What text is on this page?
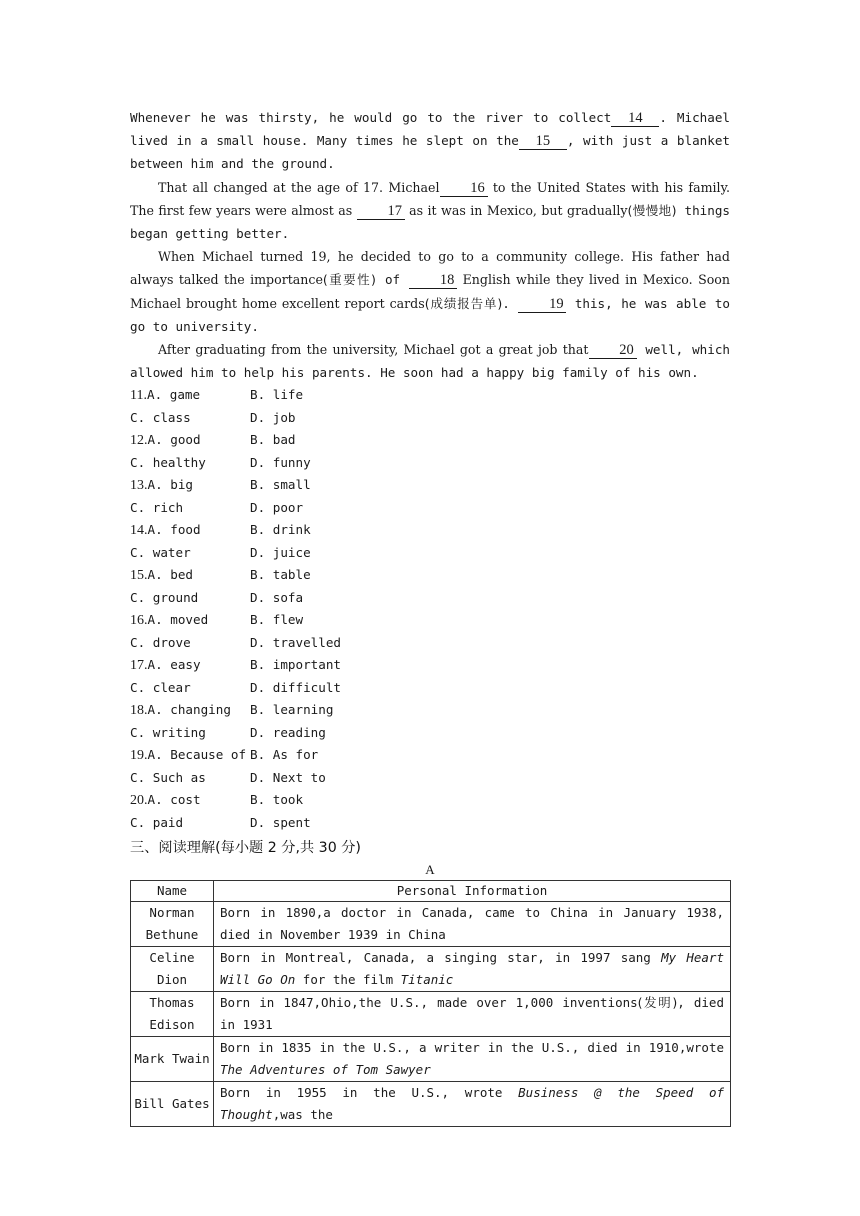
Whenever he was thirsty, he would go to the river to collect 14 . Michael lived in a small house. Many times he slept on the 15 , with just a blanket between him and the ground.

That all changed at the age of 17. Michael 16 to the United States with his family. The first few years were almost as 17 as it was in Mexico, but gradually(慢慢地) things began getting better.

When Michael turned 19, he decided to go to a community college. His father had always talked the importance(重要性) of 18 English while they lived in Mexico. Soon Michael brought home excellent report cards(成绩报告单). 19 this, he was able to go to university.

After graduating from the university, Michael got a great job that 20 well, which allowed him to help his parents. He soon had a happy big family of his own.

11.A. game	B. life
C. class	D. job
12.A. good	B. bad
C. healthy	D. funny
13.A. big	B. small
C. rich	D. poor
14.A. food	B. drink
C. water	D. juice
15.A. bed	B. table
C. ground	D. sofa
16.A. moved	B. flew
C. drove	D. travelled
17.A. easy	B. important
C. clear	D. difficult
18.A. changing	B. learning
C. writing	D. reading
19.A. Because of B. As for
C. Such as	D. Next to
20.A. cost	B. took
C. paid	D. spent
三、阅读理解(每小题 2 分,共 30 分)
A
Name	Personal Information
Norman Bethune	Born in 1890,a doctor in Canada, came to China in January 1938, died in November 1939 in China
Celine Dion	Born in Montreal, Canada, a singing star, in 1997 sang My Heart Will Go On for the film Titanic
Thomas Edison	Born in 1847,Ohio,the U.S., made over 1,000 inventions(发明), died in 1931
Mark Twain	Born in 1835 in the U.S., a writer in the U.S., died in 1910,wrote The Adventures of Tom Sawyer
Bill Gates	Born in 1955 in the U.S., wrote Business @ the Speed of Thought,was the
